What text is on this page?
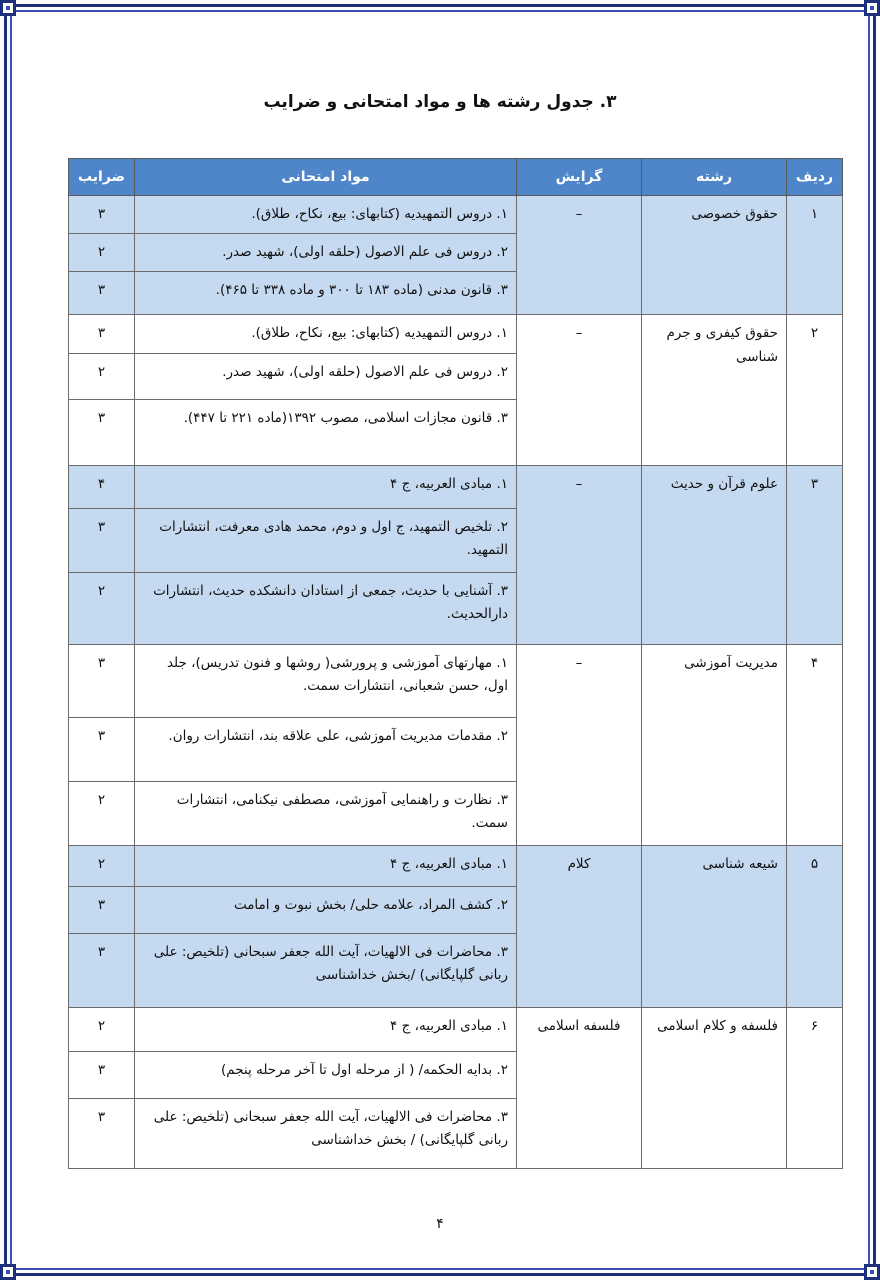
۳. جدول رشته ها و مواد امتحانی و ضرایب
ردیف	رشته	گرایش	مواد امتحانی	ضرایب
۱	حقوق خصوصی	–	۱. دروس التمهیدیه (کتابهای: بیع، نکاح، طلاق).	۳
			۲. دروس فی علم الاصول (حلقه اولی)، شهید صدر.	۲
			۳. قانون مدنی (ماده ۱۸۳ تا ۳۰۰ و ماده ۳۳۸ تا ۴۶۵).	۳
۲	حقوق کیفری و جرم شناسی	–	۱. دروس التمهیدیه (کتابهای: بیع، نکاح، طلاق).	۳
			۲. دروس فی علم الاصول (حلقه اولی)، شهید صدر.	۲
			۳. قانون مجازات اسلامی، مصوب ۱۳۹۲(ماده ۲۲۱ تا ۴۴۷).	۳
۳	علوم قرآن و حدیث	–	۱. مبادی العربیه، ج ۴	۴
			۲. تلخیص التمهید، ج اول و دوم، محمد هادی معرفت، انتشارات التمهید.	۳
			۳. آشنایی با حدیث، جمعی از استادان دانشکده حدیث، انتشارات دارالحدیث.	۲
۴	مدیریت آموزشی	–	۱. مهارتهای آموزشی و پرورشی( روشها و فنون تدریس)، جلد اول، حسن شعبانی، انتشارات سمت.	۳
			۲. مقدمات مدیریت آموزشی، علی علاقه بند، انتشارات روان.	۳
			۳. نظارت و راهنمایی آموزشی، مصطفی نیکنامی، انتشارات سمت.	۲
۵	شیعه شناسی	کلام	۱. مبادی العربیه، ج ۴	۲
			۲. کشف المراد، علامه حلی/ بخش نبوت و امامت	۳
			۳. محاضرات فی الالهیات، آیت الله جعفر سبحانی (تلخیص: علی ربانی گلپایگانی) /بخش خداشناسی	۳
۶	فلسفه و کلام اسلامی	فلسفه اسلامی	۱. مبادی العربیه، ج ۴	۲
			۲. بدایه الحکمه/ ( از مرحله اول تا آخر مرحله پنجم)	۳
			۳. محاضرات فی الالهیات، آیت الله جعفر سبحانی (تلخیص: علی ربانی گلپایگانی) / بخش خداشناسی	۳
۴
